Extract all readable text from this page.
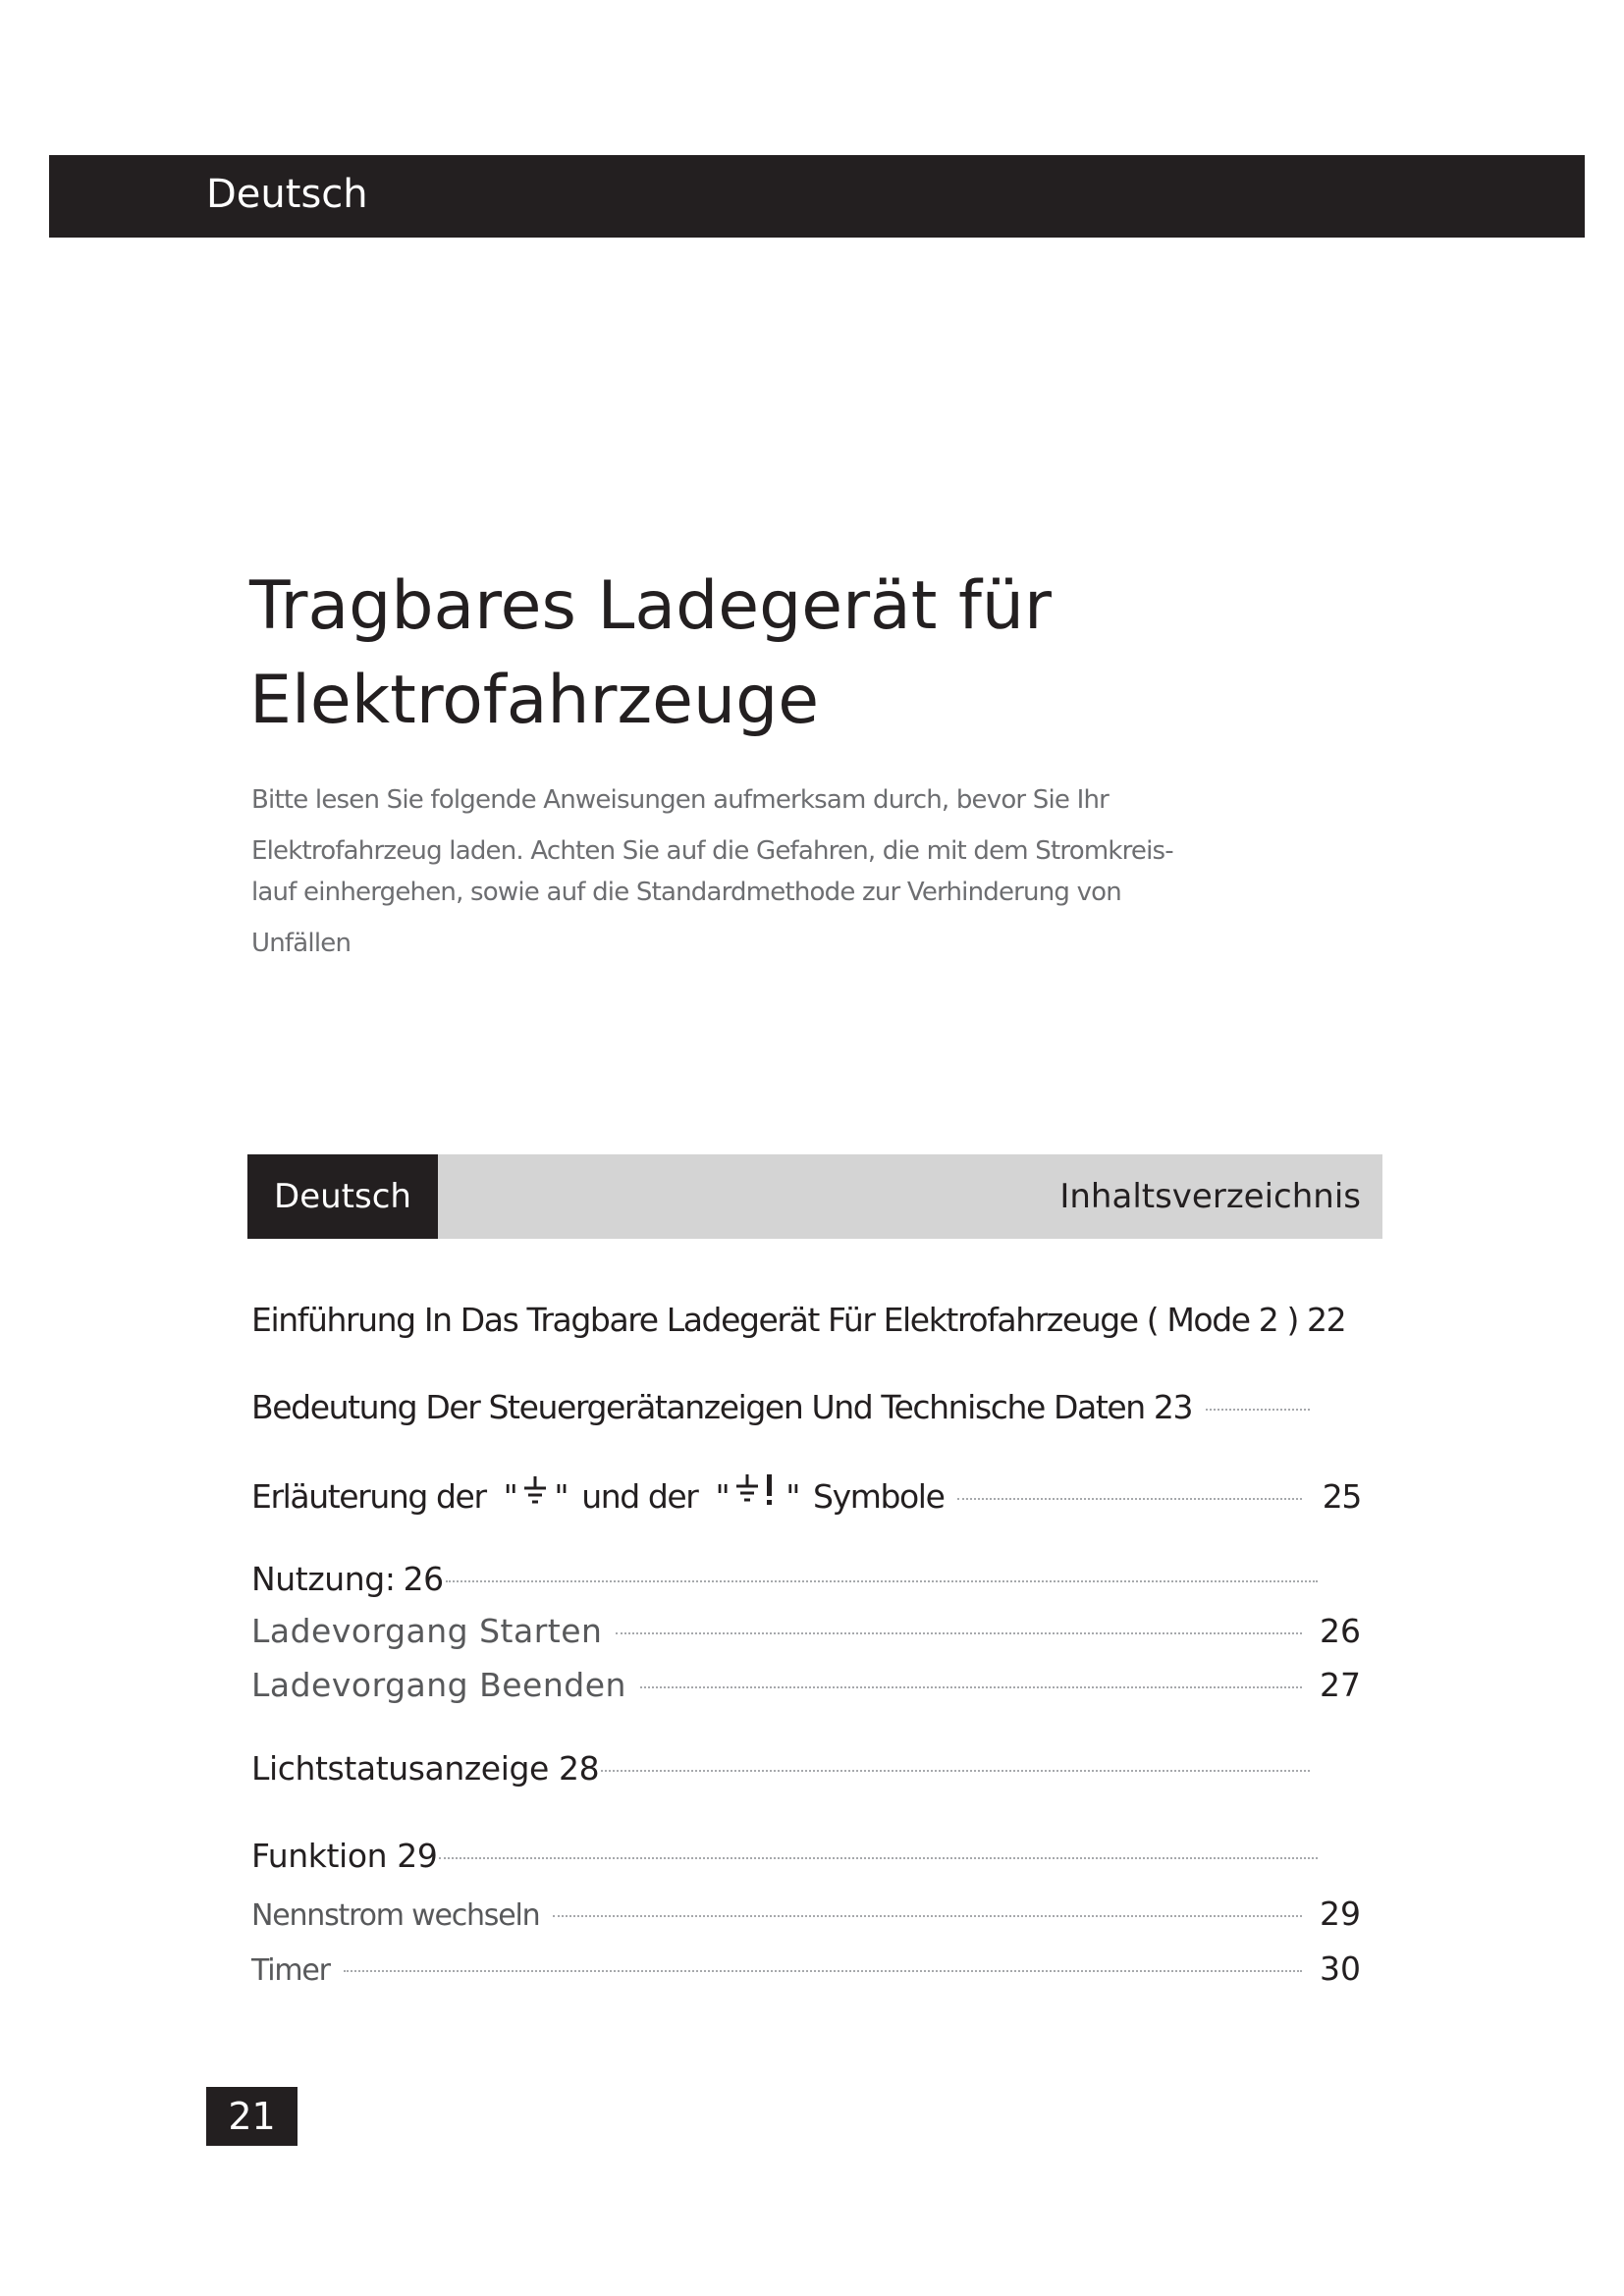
Deutsch
Tragbares Ladegerät für
Elektrofahrzeuge
Bitte lesen Sie folgende Anweisungen aufmerksam durch, bevor Sie Ihr
Elektrofahrzeug laden. Achten Sie auf die Gefahren, die mit dem Stromkreis-
lauf einhergehen, sowie auf die Standardmethode zur Verhinderung von
Unfällen
Deutsch	Inhaltsverzeichnis
Einführung In Das Tragbare Ladegerät Für Elektrofahrzeuge ( Mode 2 ) 22
Bedeutung Der Steuergerätanzeigen Und Technische Daten 23
Erläuterung der " " und der " " Symbole	25
Nutzung: 26
Ladevorgang Starten	26
Ladevorgang Beenden	27
Lichtstatusanzeige 28
Funktion 29
Nennstrom wechseln	29
Timer	30
21
